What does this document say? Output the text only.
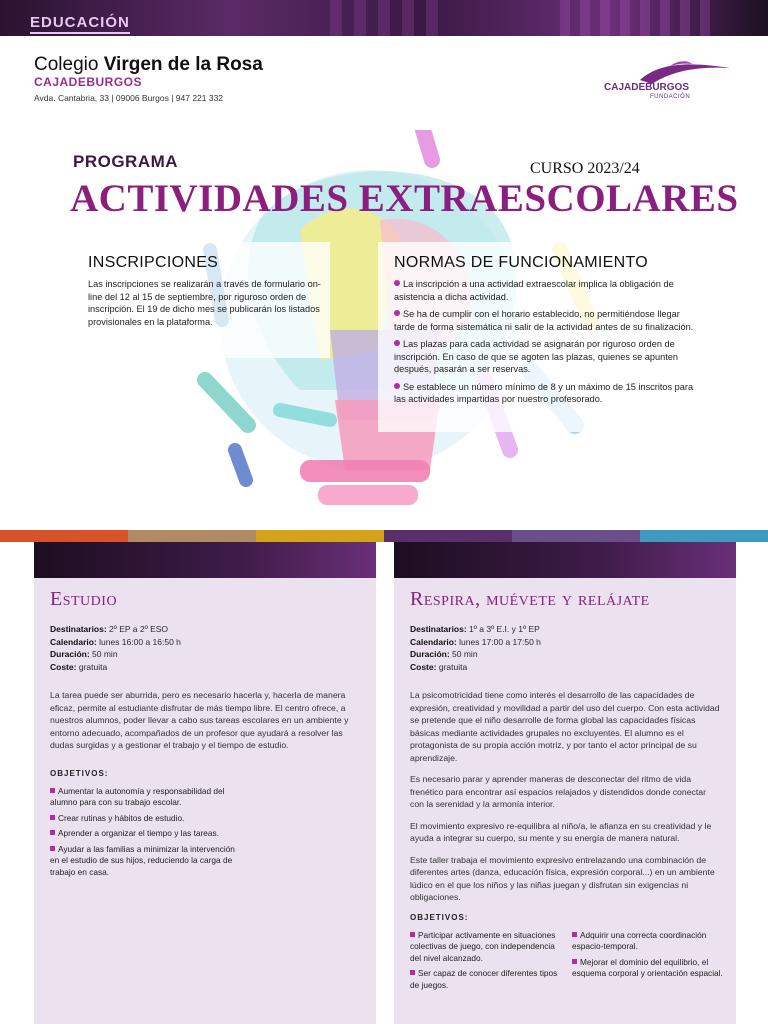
EDUCACIÓN
Colegio Virgen de la Rosa
CAJADEBURGOS
Avda. Cantabria, 33 | 09006 Burgos | 947 221 332
CAJADEBURGOS
FUNDACIÓN
PROGRAMA	CURSO 2023/24
ACTIVIDADES EXTRAESCOLARES
INSCRIPCIONES

Las inscripciones se realizarán a través de formulario on-line del 12 al 15 de septiembre, por riguroso orden de inscripción. El 19 de dicho mes se publicarán los listados provisionales en la plataforma.

NORMAS DE FUNCIONAMIENTO
La inscripción a una actividad extraescolar implica la obligación de asistencia a dicha actividad.
Se ha de cumplir con el horario establecido, no permitiéndose llegar tarde de forma sistemática ni salir de la actividad antes de su finalización.
Las plazas para cada actividad se asignarán por riguroso orden de inscripción. En caso de que se agoten las plazas, quienes se apunten después, pasarán a ser reservas.
Se establece un número mínimo de 8 y un máximo de 15 inscritos para las actividades impartidas por nuestro profesorado.
Estudio
Destinatarios: 2º EP a 2º ESO
Calendario: lunes 16:00 a 16:50 h
Duración: 50 min
Coste: gratuita

La tarea puede ser aburrida, pero es necesario hacerla y, hacerla de manera eficaz, permite al estudiante disfrutar de más tiempo libre. El centro ofrece, a nuestros alumnos, poder llevar a cabo sus tareas escolares en un ambiente y entorno adecuado, acompañados de un profesor que ayudará a resolver las dudas surgidas y a gestionar el trabajo y el tiempo de estudio.

OBJETIVOS:
Aumentar la autonomía y responsabilidad del alumno para con su trabajo escolar.
Crear rutinas y hábitos de estudio.
Aprender a organizar el tiempo y las tareas.
Ayudar a las familias a minimizar la intervención en el estudio de sus hijos, reduciendo la carga de trabajo en casa.
Respira, muévete y relájate
Destinatarios: 1º a 3º E.I. y 1º EP
Calendario: lunes 17:00 a 17:50 h
Duración: 50 min
Coste: gratuita

La psicomotricidad tiene como interés el desarrollo de las capacidades de expresión, creatividad y movilidad a partir del uso del cuerpo. Con esta actividad se pretende que el niño desarrolle de forma global las capacidades físicas básicas mediante actividades grupales no excluyentes. El alumno es el protagonista de su propia acción motriz, y por tanto el actor principal de su aprendizaje.

Es necesario parar y aprender maneras de desconectar del ritmo de vida frenético para encontrar así espacios relajados y distendidos donde conectar con la serenidad y la armonía interior.

El movimiento expresivo re-equilibra al niño/a, le afianza en su creatividad y le ayuda a integrar su cuerpo, su mente y su energía de manera natural.

Este taller trabaja el movimiento expresivo entrelazando una combinación de diferentes artes (danza, educación física, expresión corporal...) en un ambiente lúdico en el que los niños y las niñas juegan y disfrutan sin exigencias ni obligaciones.

OBJETIVOS:
Participar activamente en situaciones colectivas de juego, con independencia del nivel alcanzado.
Ser capaz de conocer diferentes tipos de juegos.
Adquirir una correcta coordinación espacio-temporal.
Mejorar el dominio del equilibrio, el esquema corporal y orientación espacial.
